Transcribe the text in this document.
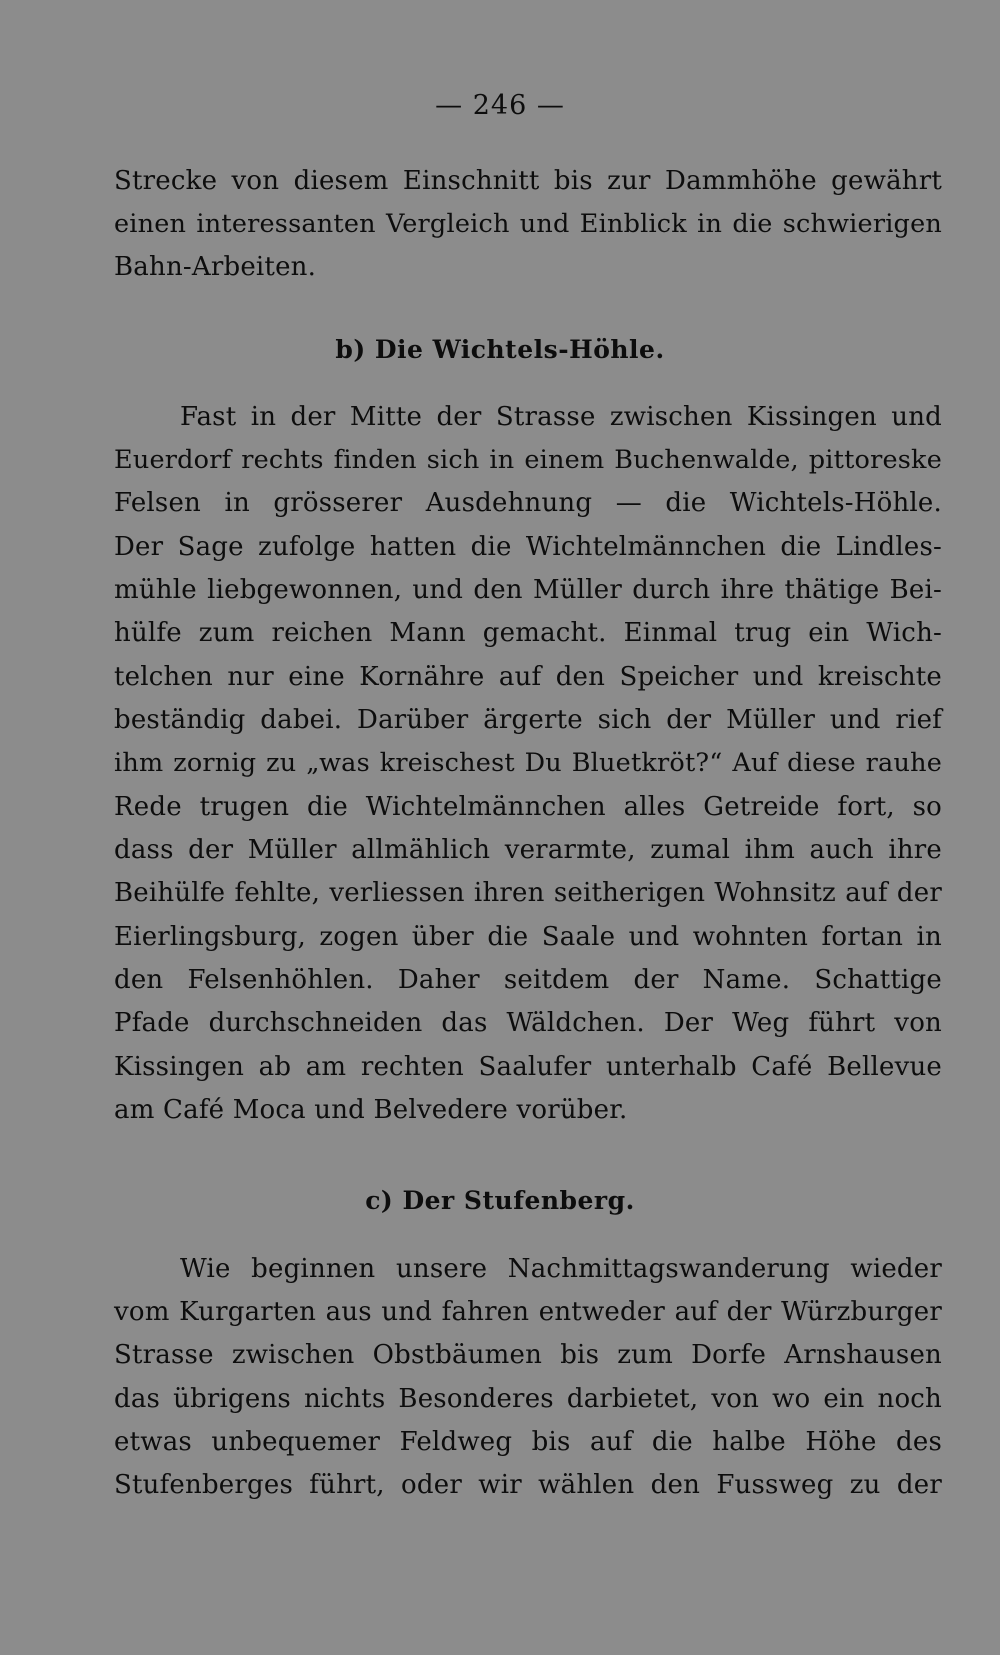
— 246 —
Strecke von diesem Einschnitt bis zur Dammhöhe gewährt
einen interessanten Vergleich und Einblick in die schwierigen
Bahn-Arbeiten.
b) Die Wichtels-Höhle.
Fast in der Mitte der Strasse zwischen Kissingen und
Euerdorf rechts finden sich in einem Buchenwalde, pittoreske
Felsen in grösserer Ausdehnung — die Wichtels-Höhle.
Der Sage zufolge hatten die Wichtelmännchen die Lindles-
mühle liebgewonnen, und den Müller durch ihre thätige Bei-
hülfe zum reichen Mann gemacht. Einmal trug ein Wich-
telchen nur eine Kornähre auf den Speicher und kreischte
beständig dabei. Darüber ärgerte sich der Müller und rief
ihm zornig zu „was kreischest Du Bluetkröt?“ Auf diese rauhe
Rede trugen die Wichtelmännchen alles Getreide fort, so
dass der Müller allmählich verarmte, zumal ihm auch ihre
Beihülfe fehlte, verliessen ihren seitherigen Wohnsitz auf der
Eierlingsburg, zogen über die Saale und wohnten fortan in
den Felsenhöhlen. Daher seitdem der Name. Schattige
Pfade durchschneiden das Wäldchen. Der Weg führt von
Kissingen ab am rechten Saalufer unterhalb Café Bellevue
am Café Moca und Belvedere vorüber.
c) Der Stufenberg.
Wie beginnen unsere Nachmittagswanderung wieder
vom Kurgarten aus und fahren entweder auf der Würzburger
Strasse zwischen Obstbäumen bis zum Dorfe Arnshausen
das übrigens nichts Besonderes darbietet, von wo ein noch
etwas unbequemer Feldweg bis auf die halbe Höhe des
Stufenberges führt, oder wir wählen den Fussweg zu der
